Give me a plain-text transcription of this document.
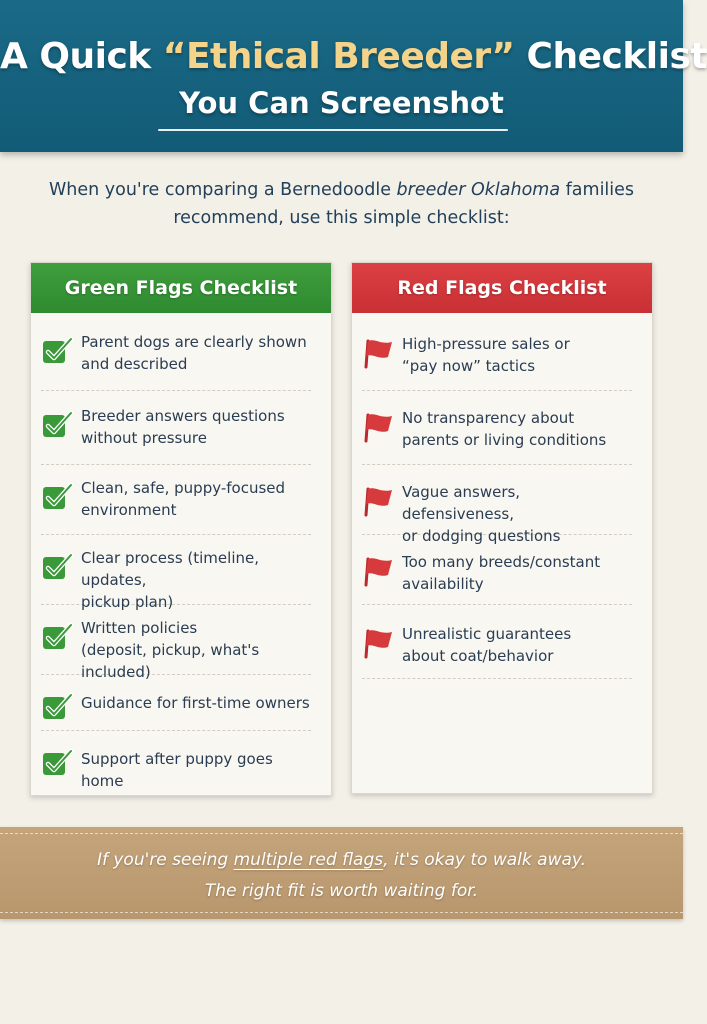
A Quick “Ethical Breeder” Checklist
You Can Screenshot
When you're comparing a Bernedoodle breeder Oklahoma families
recommend, use this simple checklist:
Green Flags Checklist
Parent dogs are clearly shown
and described
Breeder answers questions
without pressure
Clean, safe, puppy-focused
environment
Clear process (timeline, updates,
pickup plan)
Written policies
(deposit, pickup, what's included)
Guidance for first-time owners
Support after puppy goes home
Red Flags Checklist
High-pressure sales or
“pay now” tactics
No transparency about
parents or living conditions
Vague answers, defensiveness,
or dodging questions
Too many breeds/constant
availability
Unrealistic guarantees
about coat/behavior
If you're seeing multiple red flags, it's okay to walk away.
The right fit is worth waiting for.
